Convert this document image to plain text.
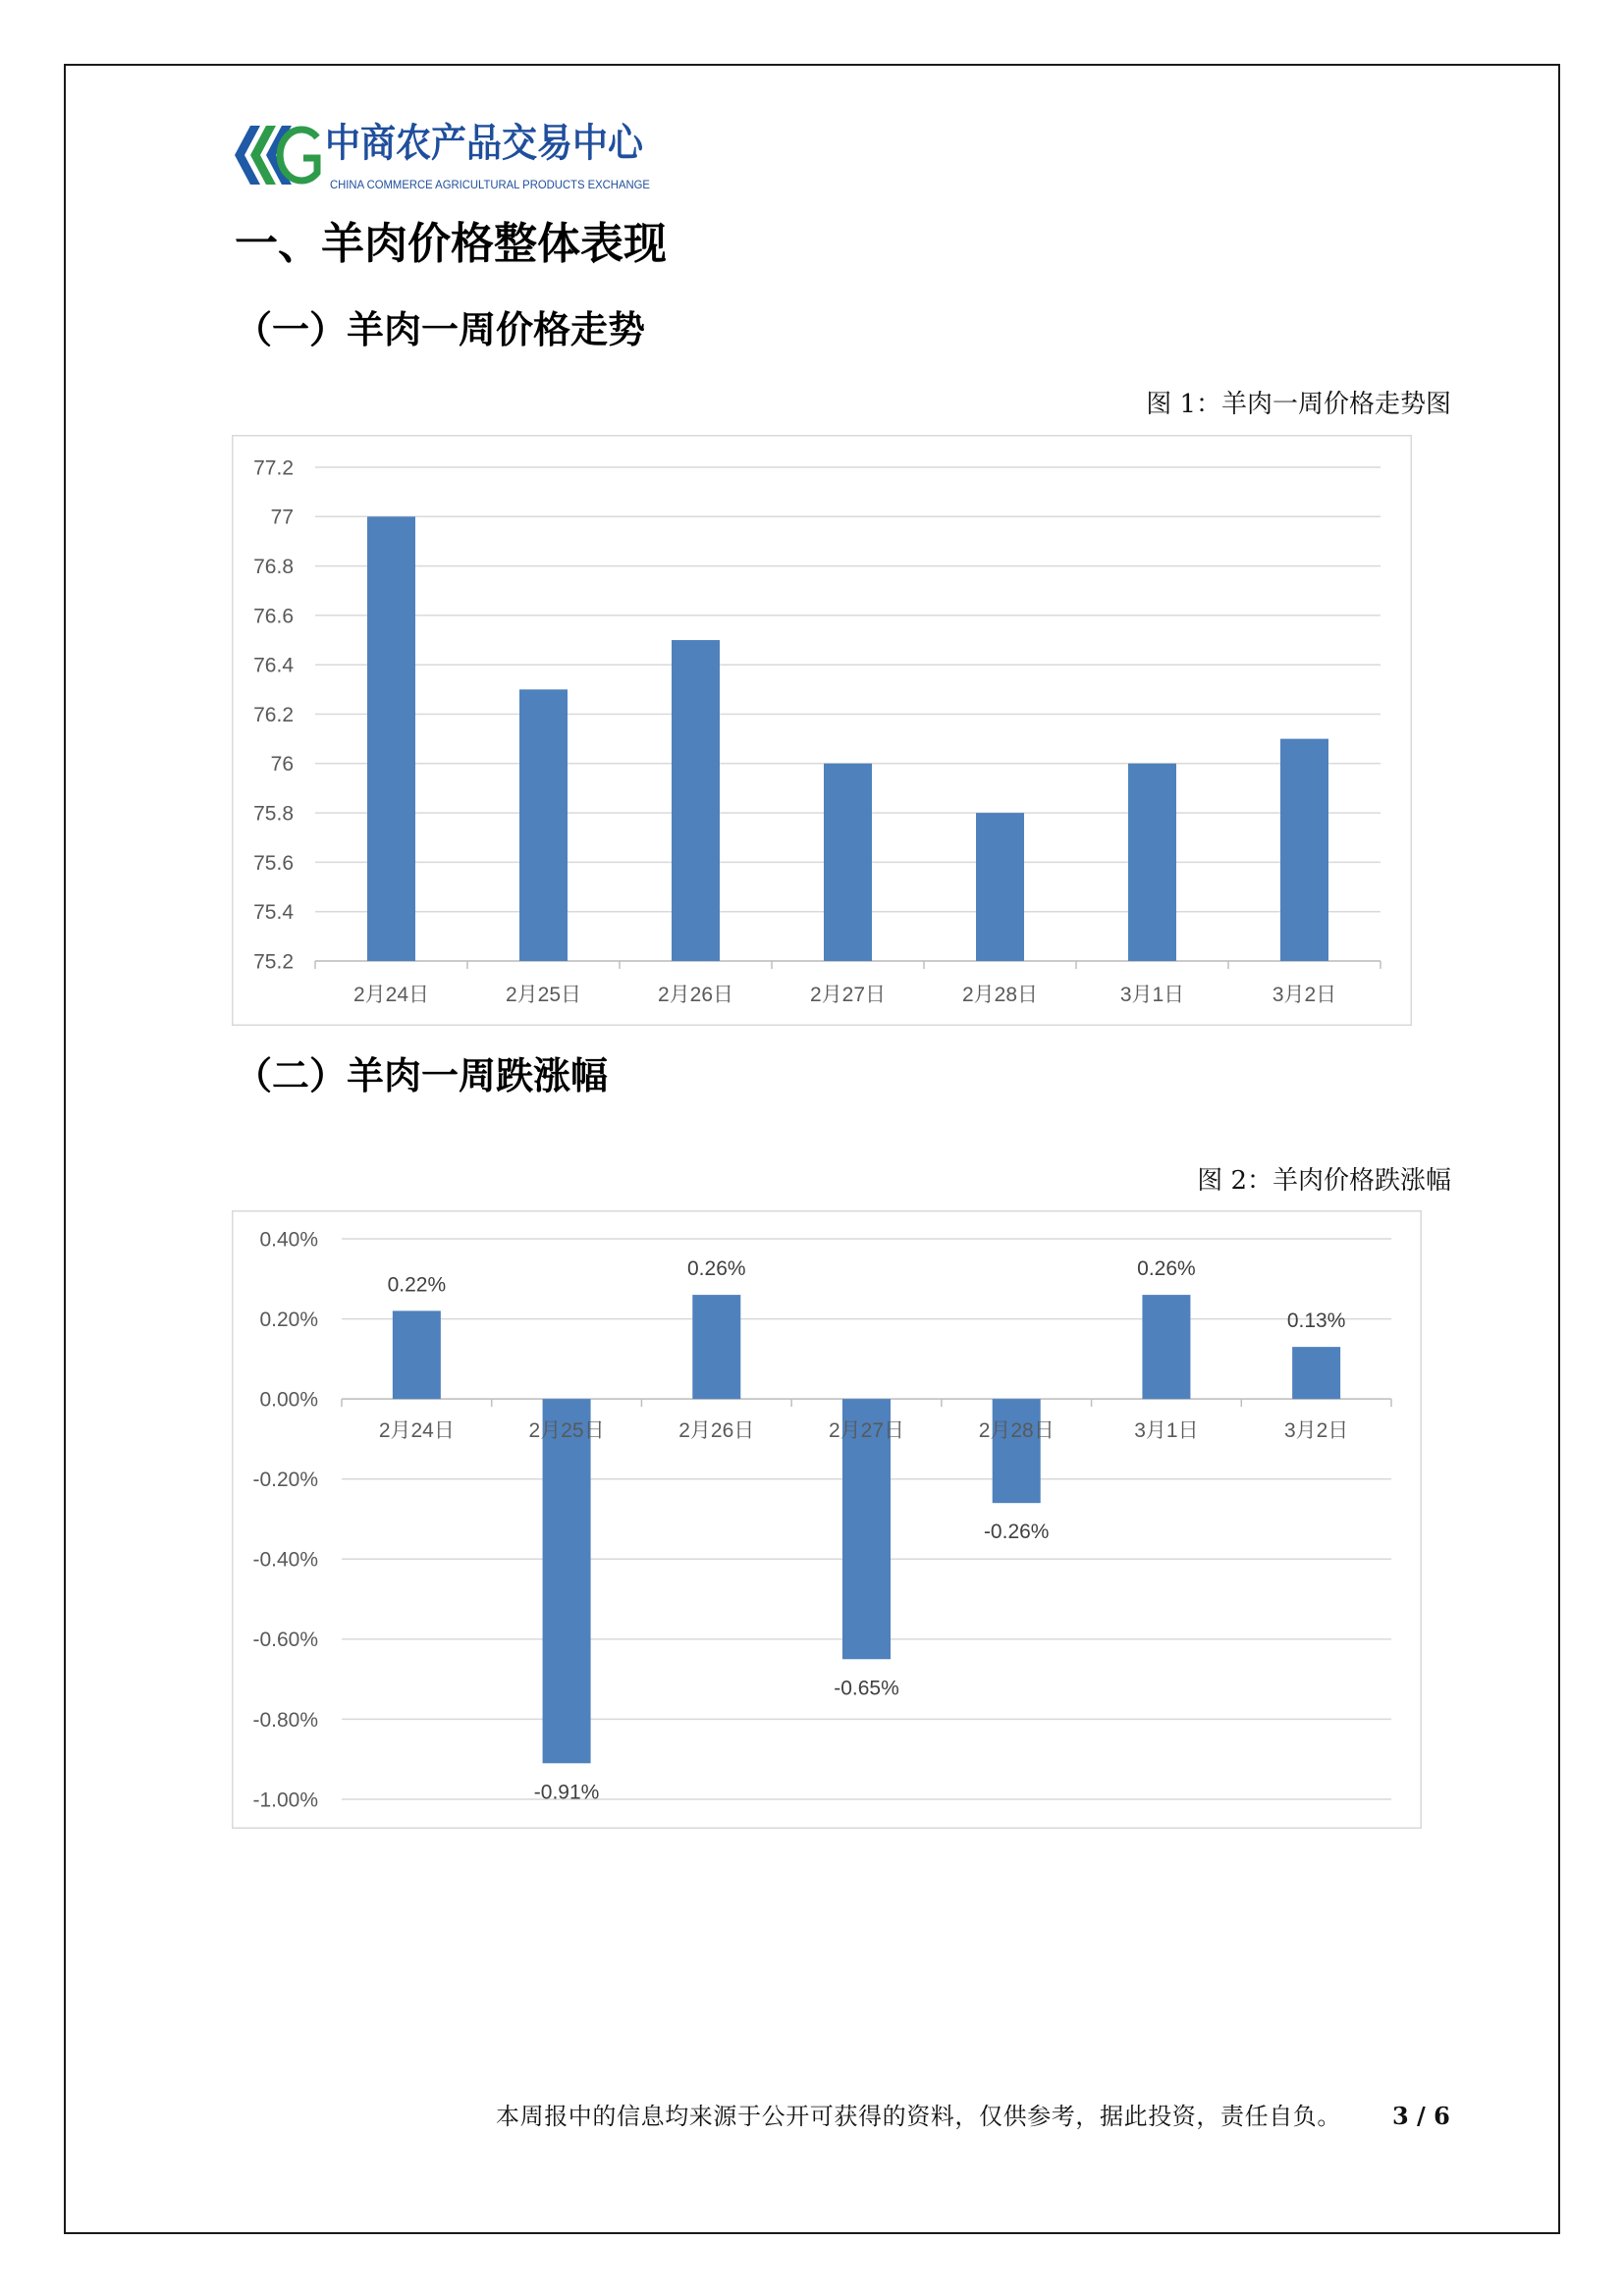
中商农产品交易中心
CHINA COMMERCE AGRICULTURAL PRODUCTS EXCHANGE
一、羊肉价格整体表现
（一）羊肉一周价格走势
图 1：羊肉一周价格走势图
77.2
77
76.8
76.6
76.4
76.2
76
75.8
75.6
75.4
75.2
2月24日	2月25日	2月26日	2月27日	2月28日	3月1日	3月2日
（二）羊肉一周跌涨幅
图 2：羊肉价格跌涨幅
0.40%
0.20%
0.00%
-0.20%
-0.40%
-0.60%
-0.80%
-1.00%
0.22%
-0.91%
0.26%
-0.65%
-0.26%
0.26%
0.13%
2月24日	2月25日	2月26日	2月27日	2月28日	3月1日	3月2日
本周报中的信息均来源于公开可获得的资料，仅供参考，据此投资，责任自负。 3 / 6
